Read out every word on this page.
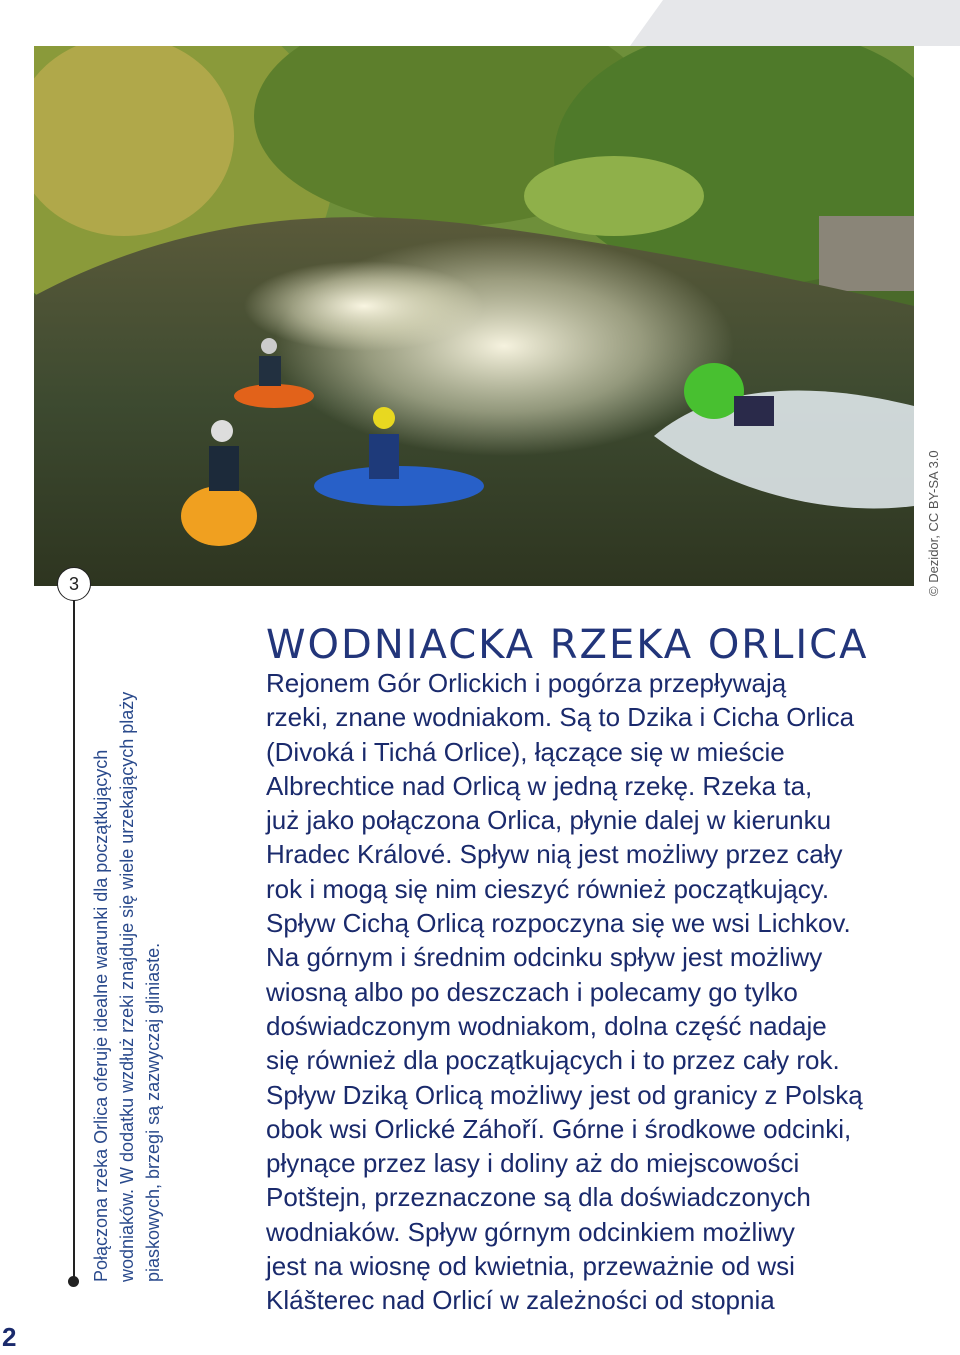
© Dezidor, CC BY-SA 3.0
3
Połączona rzeka Orlica oferuje idealne warunki dla początkujących wodniaków. W dodatku wzdłuż rzeki znajduje się wiele urzekających plaży piaskowych, brzegi są zazwyczaj gliniaste.
2
WODNIACKA RZEKA ORLICA
Rejonem Gór Orlickich i pogórza przepływają
rzeki, znane wodniakom. Są to Dzika i Cicha Orlica
(Divoká i Tichá Orlice), łączące się w mieście
Albrechtice nad Orlicą w jedną rzekę. Rzeka ta,
już jako połączona Orlica, płynie dalej w kierunku
Hradec Králové. Spływ nią jest możliwy przez cały
rok i mogą się nim cieszyć również początkujący.
Spływ Cichą Orlicą rozpoczyna się we wsi Lichkov.
Na górnym i średnim odcinku spływ jest możliwy
wiosną albo po deszczach i polecamy go tylko
doświadczonym wodniakom, dolna część nadaje
się również dla początkujących i to przez cały rok.
Spływ Dziką Orlicą możliwy jest od granicy z Polską
obok wsi Orlické Záhoří. Górne i środkowe odcinki,
płynące przez lasy i doliny aż do miejscowości
Potštejn, przeznaczone są dla doświadczonych
wodniaków. Spływ górnym odcinkiem możliwy
jest na wiosnę od kwietnia, przeważnie od wsi
Klášterec nad Orlicí w zależności od stopnia
